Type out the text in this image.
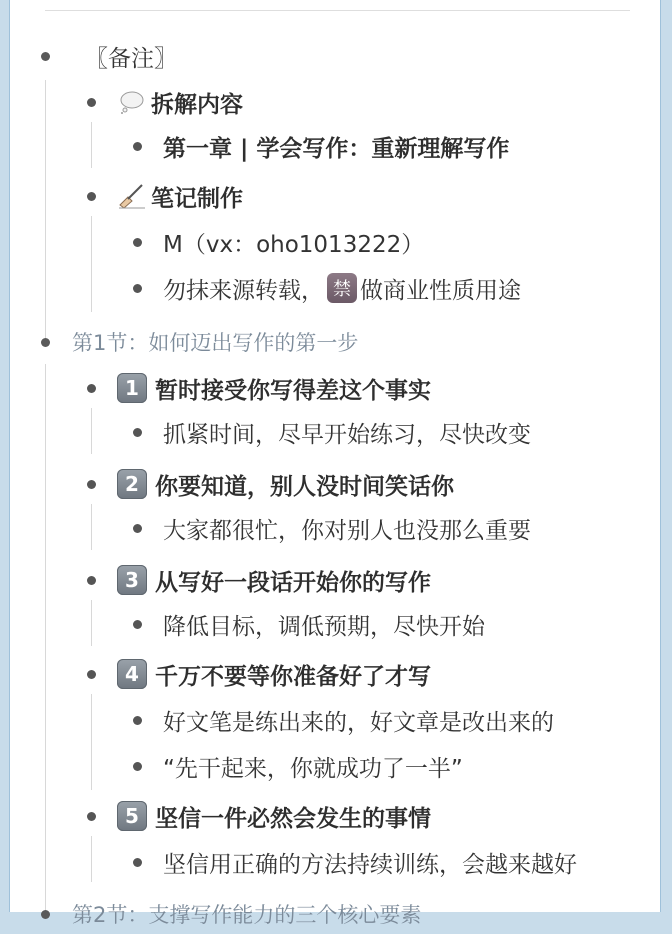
〖备注〗
拆解内容
第一章 | 学会写作：重新理解写作
笔记制作
M（vx：oho1013222）
勿抹来源转载， 禁 做商业性质用途
第1节：如何迈出写作的第一步
1 暂时接受你写得差这个事实
抓紧时间，尽早开始练习，尽快改变
2 你要知道，别人没时间笑话你
大家都很忙，你对别人也没那么重要
3 从写好一段话开始你的写作
降低目标，调低预期，尽快开始
4 千万不要等你准备好了才写
好文笔是练出来的，好文章是改出来的
“先干起来，你就成功了一半”
5 坚信一件必然会发生的事情
坚信用正确的方法持续训练，会越来越好
第2节：支撑写作能力的三个核心要素
